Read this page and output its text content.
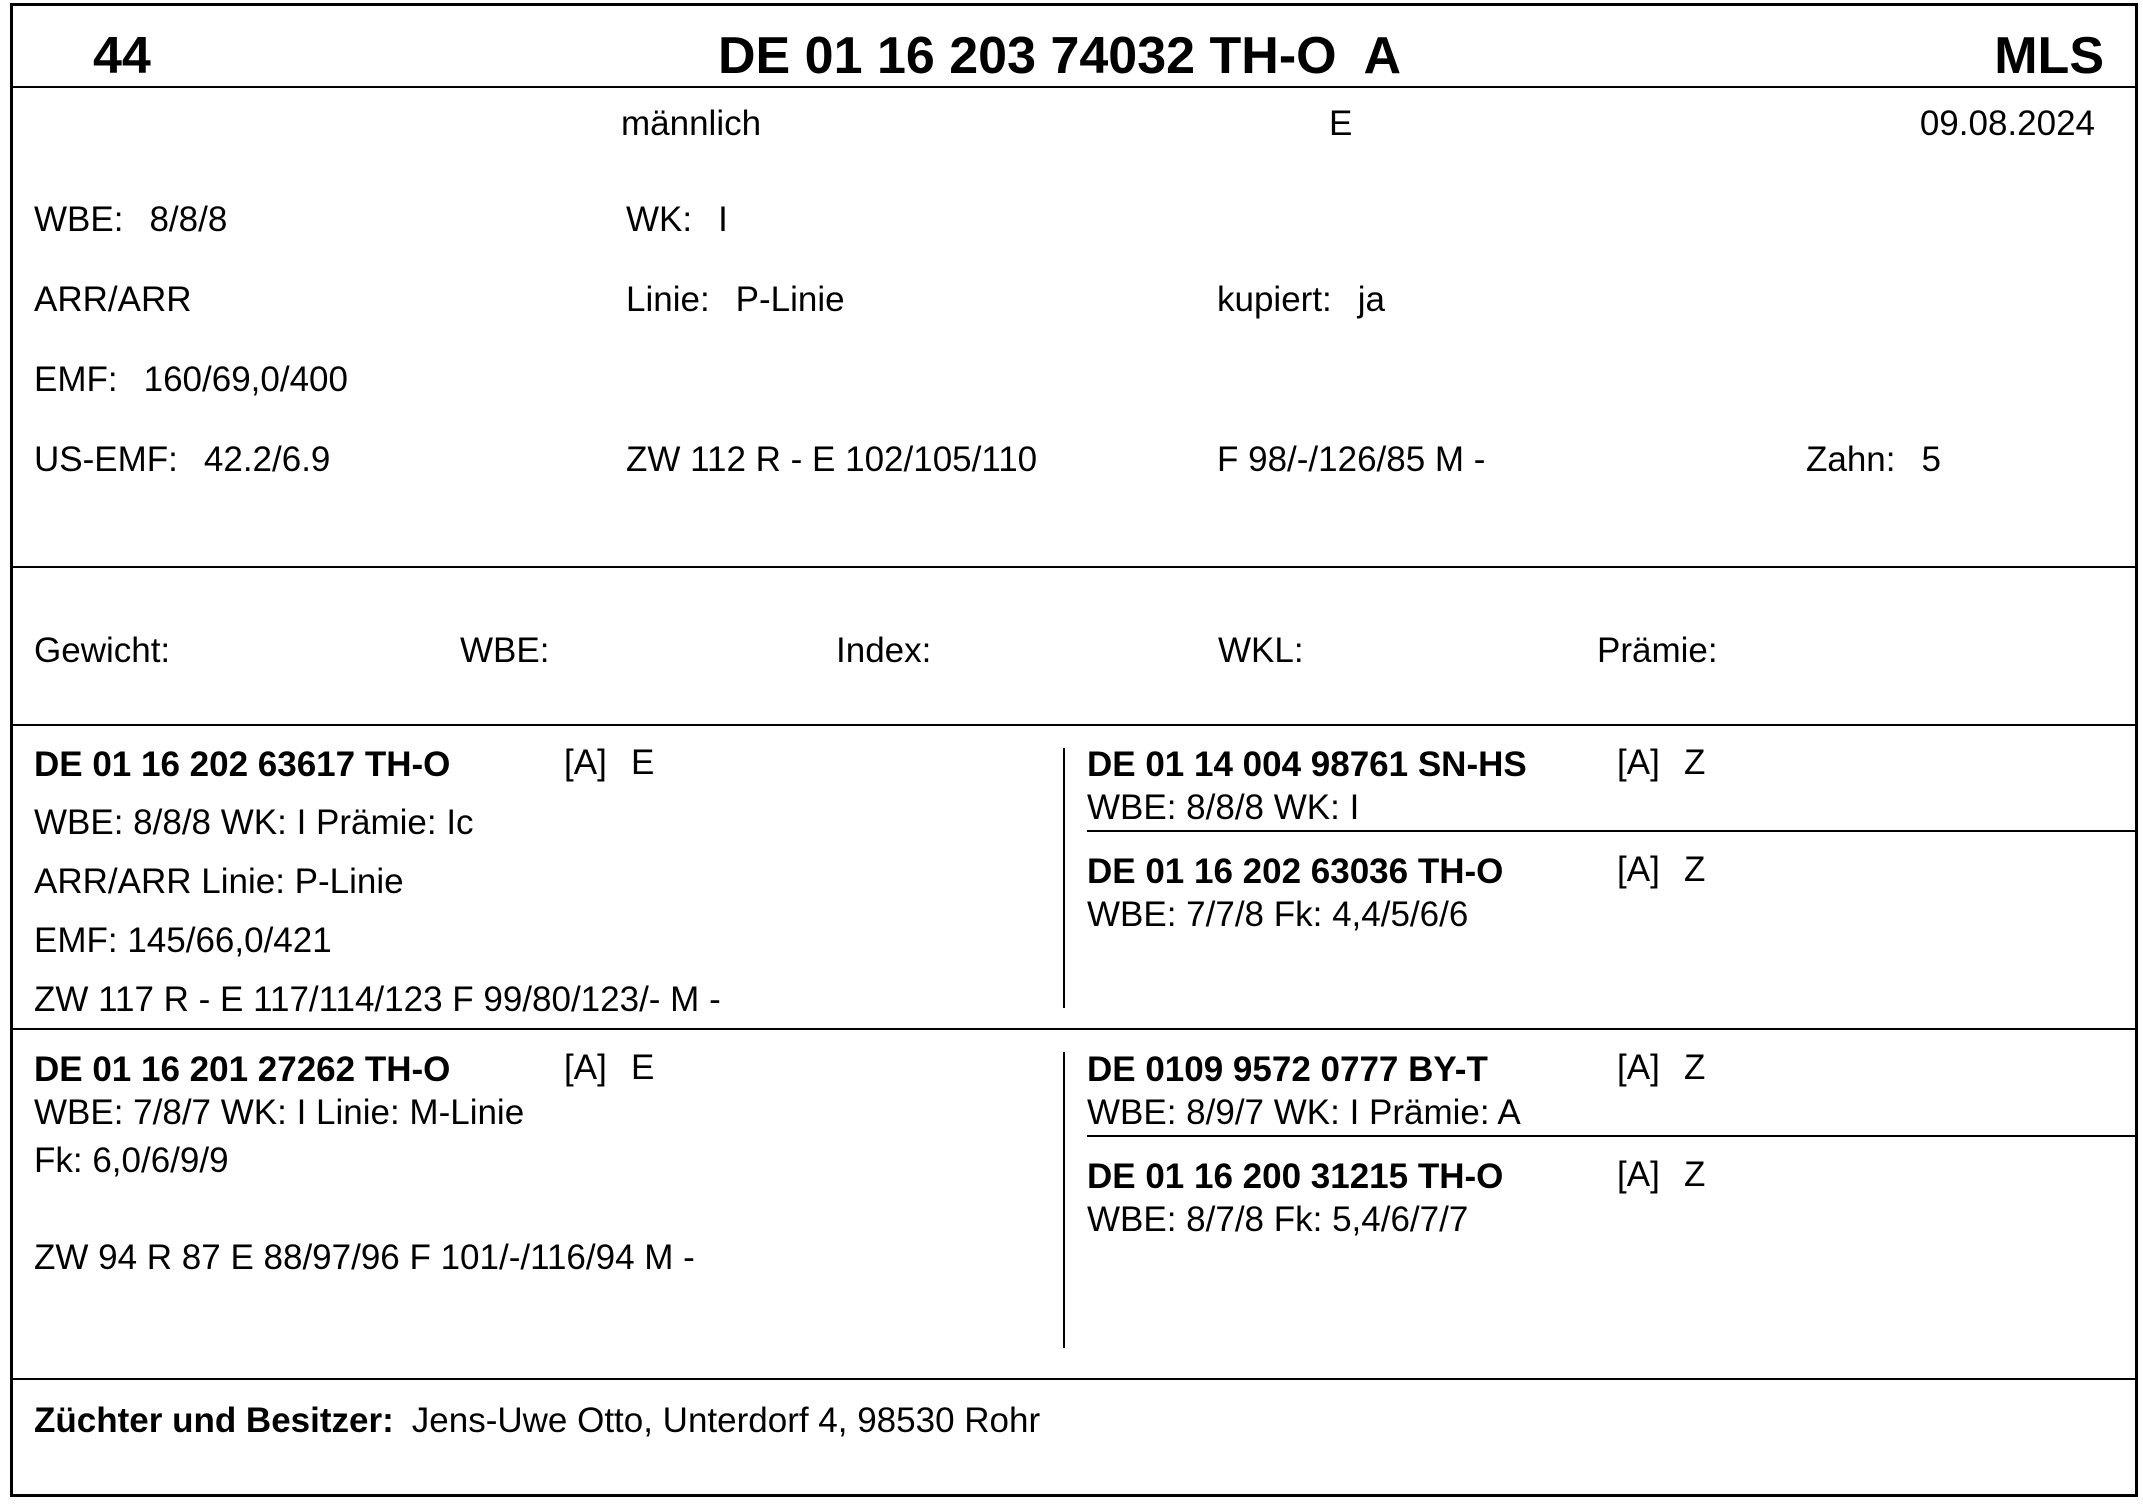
44	DE 01 16 203 74032 TH-O  A	MLS
männlich	E	09.08.2024
WBE: 8/8/8	WK: I
ARR/ARR	Linie: P-Linie	kupiert: ja
EMF: 160/69,0/400
US-EMF: 42.2/6.9	ZW 112 R - E 102/105/110	F 98/-/126/85 M -	Zahn: 5
Gewicht:	WBE:	Index:	WKL:	Prämie:
DE 01 16 202 63617 TH-O	[A] E
WBE: 8/8/8 WK: I Prämie: Ic
ARR/ARR Linie: P-Linie
EMF: 145/66,0/421
ZW 117 R - E 117/114/123 F 99/80/123/- M -
DE 01 14 004 98761 SN-HS	[A] Z
WBE: 8/8/8 WK: I
DE 01 16 202 63036 TH-O	[A] Z
WBE: 7/7/8 Fk: 4,4/5/6/6
DE 01 16 201 27262 TH-O	[A] E
WBE: 7/8/7 WK: I Linie: M-Linie
Fk: 6,0/6/9/9
ZW 94 R 87 E 88/97/96 F 101/-/116/94 M -
DE 0109 9572 0777 BY-T	[A] Z
WBE: 8/9/7 WK: I Prämie: A
DE 01 16 200 31215 TH-O	[A] Z
WBE: 8/7/8 Fk: 5,4/6/7/7
Züchter und Besitzer: Jens-Uwe Otto, Unterdorf 4, 98530 Rohr
